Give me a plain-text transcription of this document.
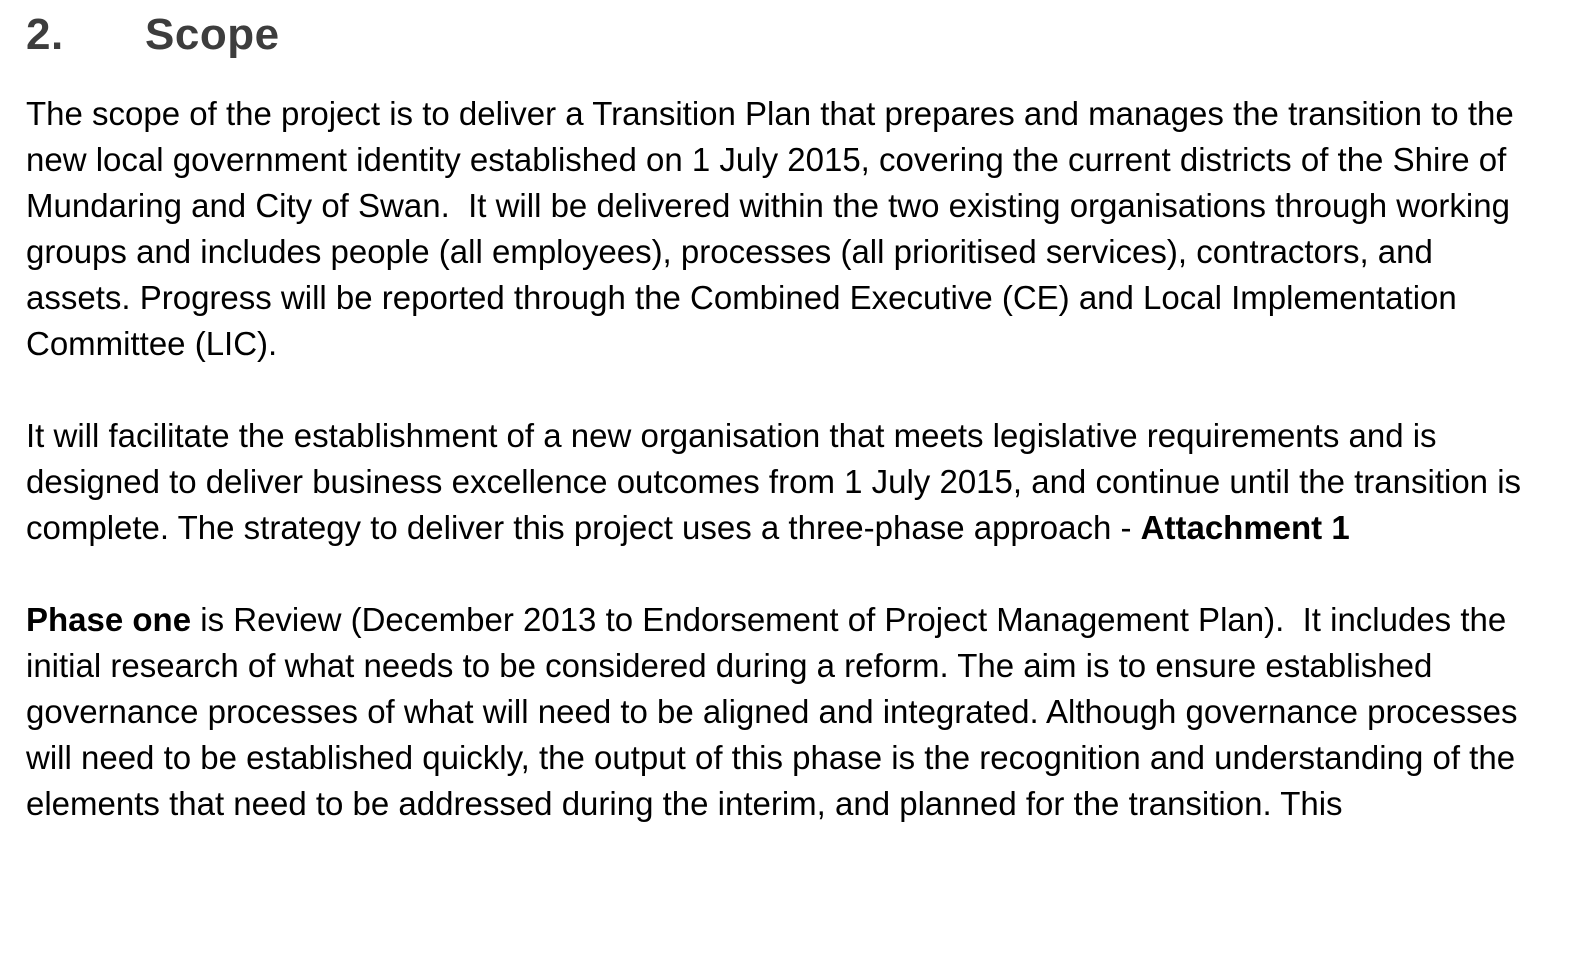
2. Scope

The scope of the project is to deliver a Transition Plan that prepares and manages the transition to the new local government identity established on 1 July 2015, covering the current districts of the Shire of Mundaring and City of Swan.  It will be delivered within the two existing organisations through working groups and includes people (all employees), processes (all prioritised services), contractors, and assets. Progress will be reported through the Combined Executive (CE) and Local Implementation Committee (LIC).

It will facilitate the establishment of a new organisation that meets legislative requirements and is designed to deliver business excellence outcomes from 1 July 2015, and continue until the transition is complete. The strategy to deliver this project uses a three-phase approach - Attachment 1

Phase one is Review (December 2013 to Endorsement of Project Management Plan).  It includes the initial research of what needs to be considered during a reform. The aim is to ensure established governance processes of what will need to be aligned and integrated. Although governance processes will need to be established quickly, the output of this phase is the recognition and understanding of the elements that need to be addressed during the interim, and planned for the transition. This
